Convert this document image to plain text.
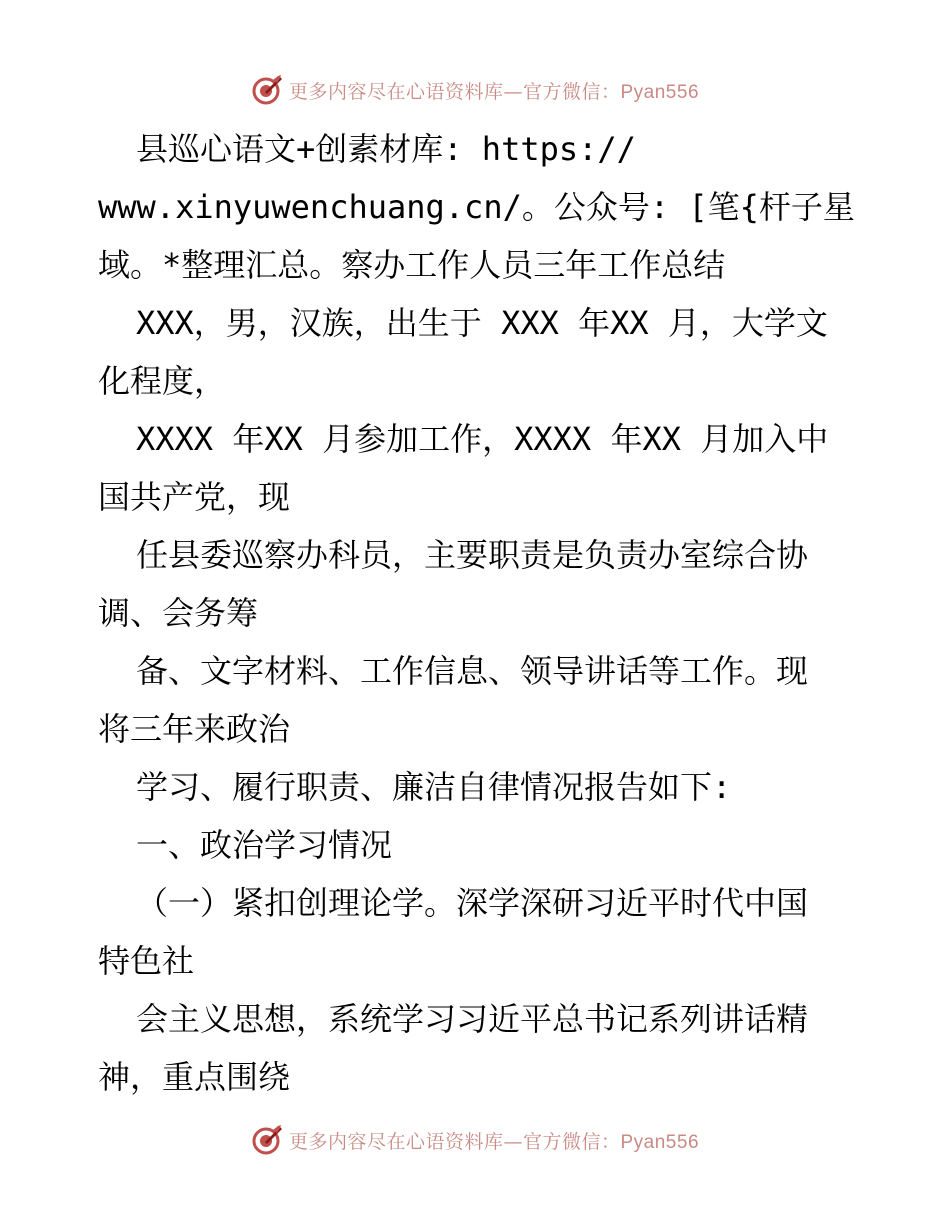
更多内容尽在心语资料库—官方微信：Pyan556
县巡心语文+创素材库: https://
www.xinyuwenchuang.cn/。公众号: [笔{杆子星
域。*整理汇总。察办工作人员三年工作总结
XXX，男，汉族，出生于 XXX 年XX 月，大学文
化程度，
XXXX 年XX 月参加工作，XXXX 年XX 月加入中
国共产党，现
任县委巡察办科员，主要职责是负责办室综合协
调、会务筹
备、文字材料、工作信息、领导讲话等工作。现
将三年来政治
学习、履行职责、廉洁自律情况报告如下:
一、政治学习情况
（一）紧扣创理论学。深学深研习近平时代中国
特色社
会主义思想，系统学习习近平总书记系列讲话精
神，重点围绕
更多内容尽在心语资料库—官方微信：Pyan556
